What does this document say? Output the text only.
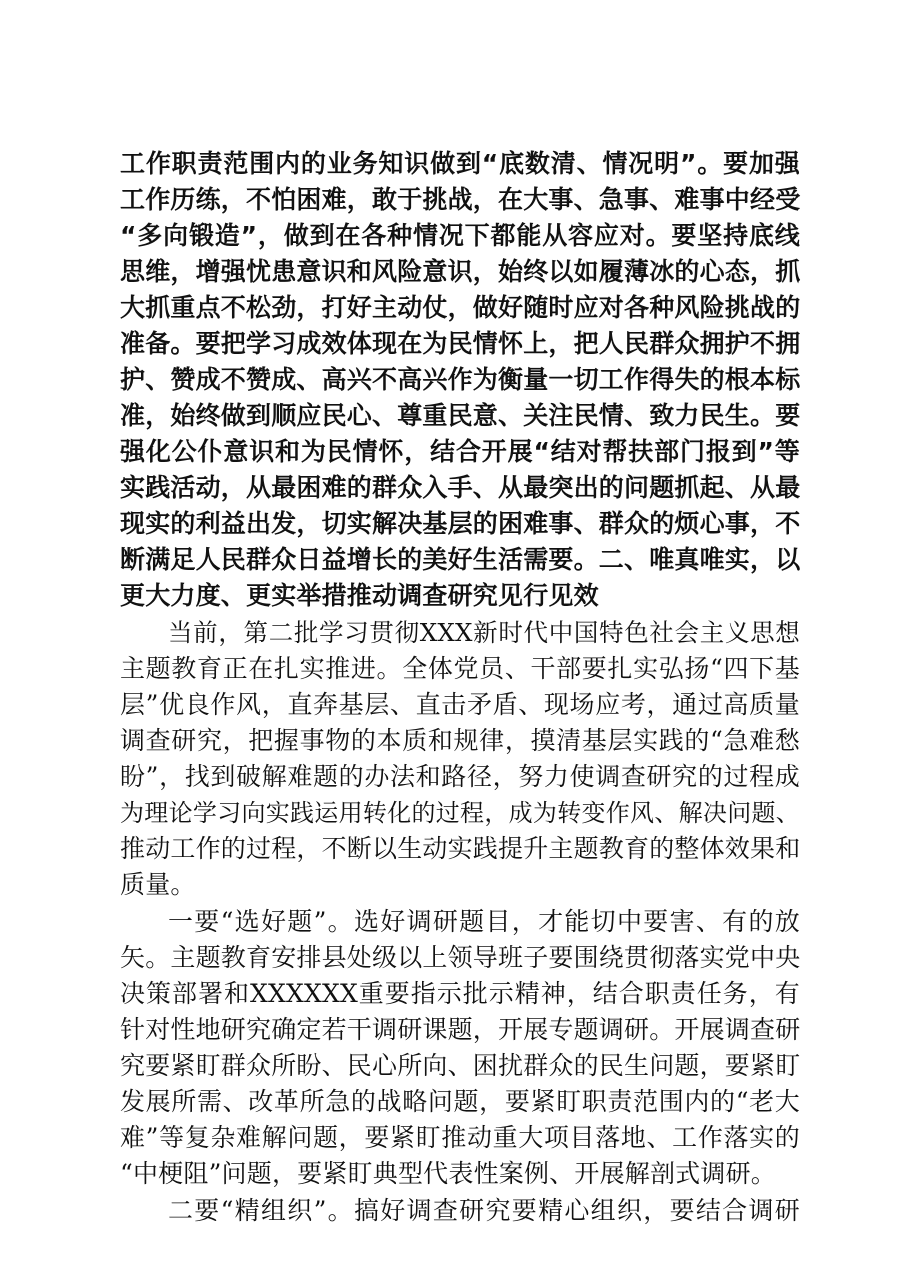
工作职责范围内的业务知识做到“底数清、情况明”。要加强
工作历练，不怕困难，敢于挑战，在大事、急事、难事中经受
“多向锻造”，做到在各种情况下都能从容应对。要坚持底线
思维，增强忧患意识和风险意识，始终以如履薄冰的心态，抓
大抓重点不松劲，打好主动仗，做好随时应对各种风险挑战的
准备。要把学习成效体现在为民情怀上，把人民群众拥护不拥
护、赞成不赞成、高兴不高兴作为衡量一切工作得失的根本标
准，始终做到顺应民心、尊重民意、关注民情、致力民生。要
强化公仆意识和为民情怀，结合开展“结对帮扶部门报到”等
实践活动，从最困难的群众入手、从最突出的问题抓起、从最
现实的利益出发，切实解决基层的困难事、群众的烦心事，不
断满足人民群众日益增长的美好生活需要。二、唯真唯实，以
更大力度、更实举措推动调查研究见行见效
当前，第二批学习贯彻XXX新时代中国特色社会主义思想
主题教育正在扎实推进。全体党员、干部要扎实弘扬“四下基
层”优良作风，直奔基层、直击矛盾、现场应考，通过高质量
调查研究，把握事物的本质和规律，摸清基层实践的“急难愁
盼”，找到破解难题的办法和路径，努力使调查研究的过程成
为理论学习向实践运用转化的过程，成为转变作风、解决问题、
推动工作的过程，不断以生动实践提升主题教育的整体效果和
质量。
一要“选好题”。选好调研题目，才能切中要害、有的放
矢。主题教育安排县处级以上领导班子要围绕贯彻落实党中央
决策部署和XXXXXX重要指示批示精神，结合职责任务，有
针对性地研究确定若干调研课题，开展专题调研。开展调查研
究要紧盯群众所盼、民心所向、困扰群众的民生问题，要紧盯
发展所需、改革所急的战略问题，要紧盯职责范围内的“老大
难”等复杂难解问题，要紧盯推动重大项目落地、工作落实的
“中梗阻”问题，要紧盯典型代表性案例、开展解剖式调研。
二要“精组织”。搞好调查研究要精心组织，要结合调研
